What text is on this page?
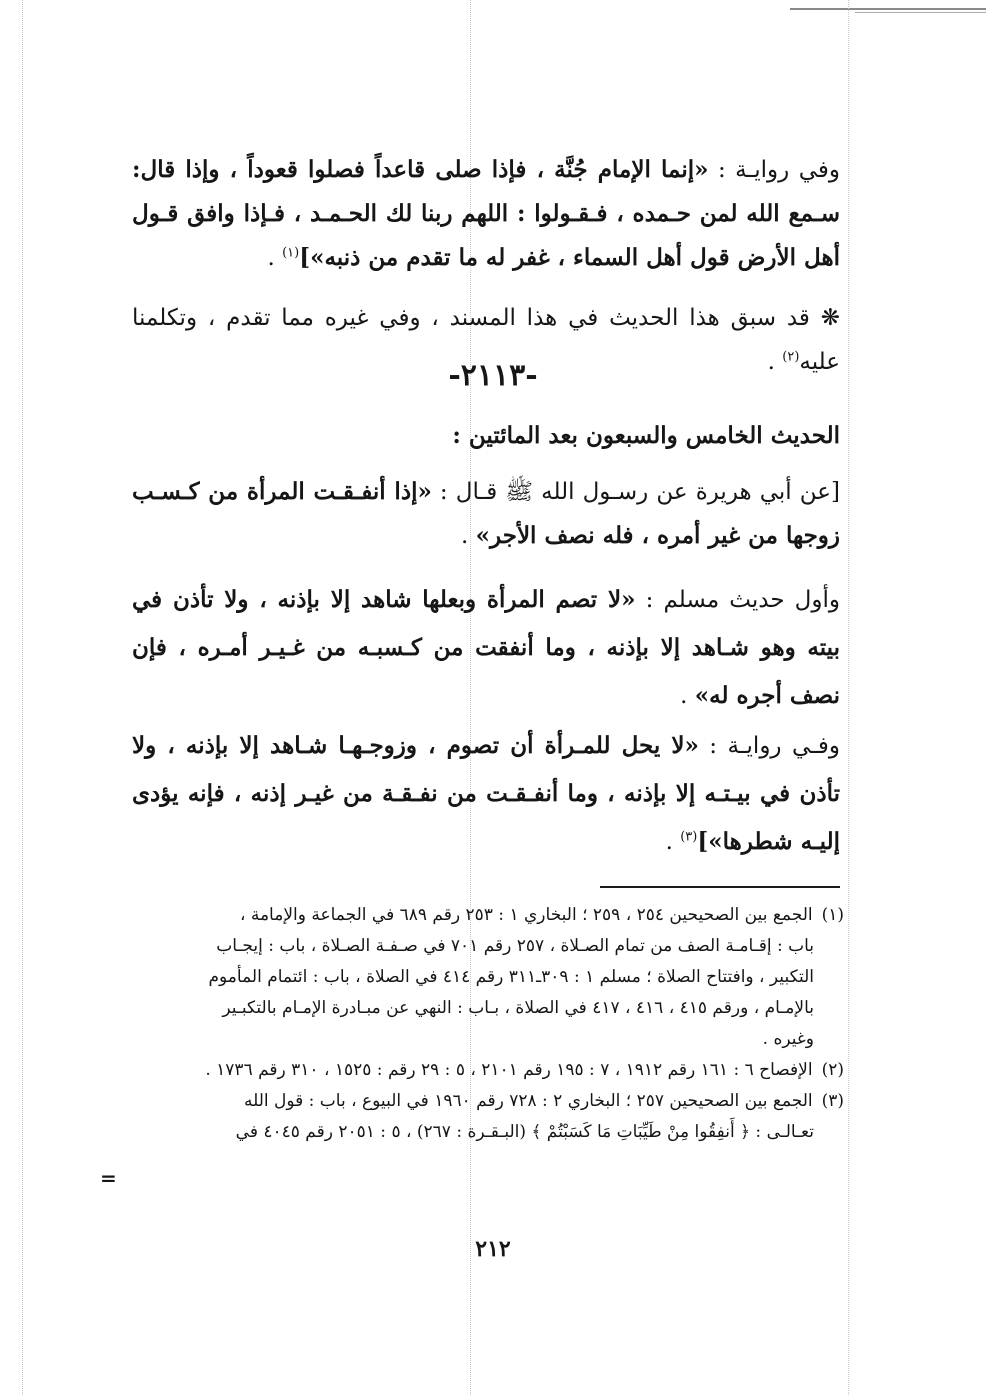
وفي روايـة : «إنما الإمام جُنَّة ، فإذا صلى قاعداً فصلوا قعوداً ، وإذا قال: سـمع الله لمن حـمده ، فـقـولوا : اللهم ربنا لك الحـمـد ، فـإذا وافق قـول أهل الأرض قول أهل السماء ، غفر له ما تقدم من ذنبه»]$^{(١)}$ .

❋ قد سبق هذا الحديث في هذا المسند ، وفي غيره مما تقدم ، وتكلمنا عليه$^{(٢)}$ .

-٢١١٣-

الحديث الخامس والسبعون بعد المائتين :

[عن أبي هريرة عن رسـول الله ﷺ قـال : «إذا أنفـقـت المرأة من كـسـب زوجها من غير أمره ، فله نصف الأجر» .

وأول حديث مسلم : «لا تصم المرأة وبعلها شاهد إلا بإذنه ، ولا تأذن في بيته وهو شـاهد إلا بإذنه ، وما أنفقت من كـسبـه من غـيـر أمـره ، فإن نصف أجره له» .

وفـي روايـة : «لا يحل للمـرأة أن تصوم ، وزوجـهـا شـاهد إلا بإذنه ، ولا تأذن في بيـتـه إلا بإذنه ، وما أنفـقـت من نفـقـة من غيـر إذنه ، فإنه يؤدى إليـه شطرها»]$^{(٣)}$ .

(١) الجمع بين الصحيحين ٢٥٤ ، ٢٥٩ ؛ البخاري ١ : ٢٥٣ رقم ٦٨٩ في الجماعة والإمامة ،
باب : إقـامـة الصف من تمام الصـلاة ، ٢٥٧ رقم ٧٠١ في صـفـة الصـلاة ، باب : إيجـاب
التكبير ، وافتتاح الصلاة ؛ مسلم ١ : ٣٠٩ـ٣١١ رقم ٤١٤ في الصلاة ، باب : ائتمام المأموم
بالإمـام ، ورقم ٤١٥ ، ٤١٦ ، ٤١٧ في الصلاة ، بـاب : النهي عن مبـادرة الإمـام بالتكبـير
وغيره .

(٢) الإفصاح ٦ : ١٦١ رقم ١٩١٢ ، ٧ : ١٩٥ رقم ٢١٠١ ، ٥ : ٢٩ رقم : ١٥٢٥ ، ٣١٠ رقم ١٧٣٦ .

(٣) الجمع بين الصحيحين ٢٥٧ ؛ البخاري ٢ : ٧٢٨ رقم ١٩٦٠ في البيوع ، باب : قول الله
تعـالـى : ﴿ أَنفِقُوا مِنْ طَيِّبَاتِ مَا كَسَبْتُمْ ﴾ (البـقـرة : ٢٦٧) ، ٥ : ٢٠٥١ رقم ٤٠٤٥ في

=
٢١٢
